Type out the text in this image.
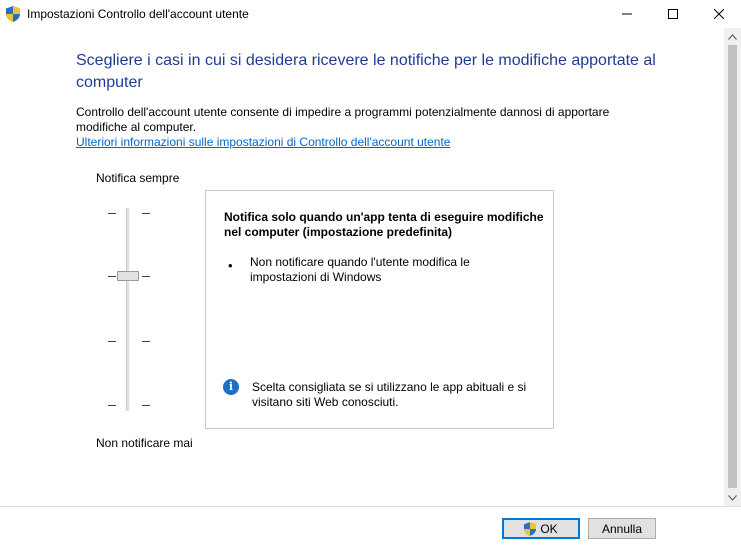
Impostazioni Controllo dell'account utente
Scegliere i casi in cui si desidera ricevere le notifiche per le modifiche apportate al computer
Controllo dell'account utente consente di impedire a programmi potenzialmente dannosi di apportare modifiche al computer.
Ulteriori informazioni sulle impostazioni di Controllo dell'account utente
Notifica sempre
Non notificare mai
Notifica solo quando un'app tenta di eseguire modifiche nel computer (impostazione predefinita)
• Non notificare quando l'utente modifica le impostazioni di Windows
i	Scelta consigliata se si utilizzano le app abituali e si visitano siti Web conosciuti.
OK	Annulla
